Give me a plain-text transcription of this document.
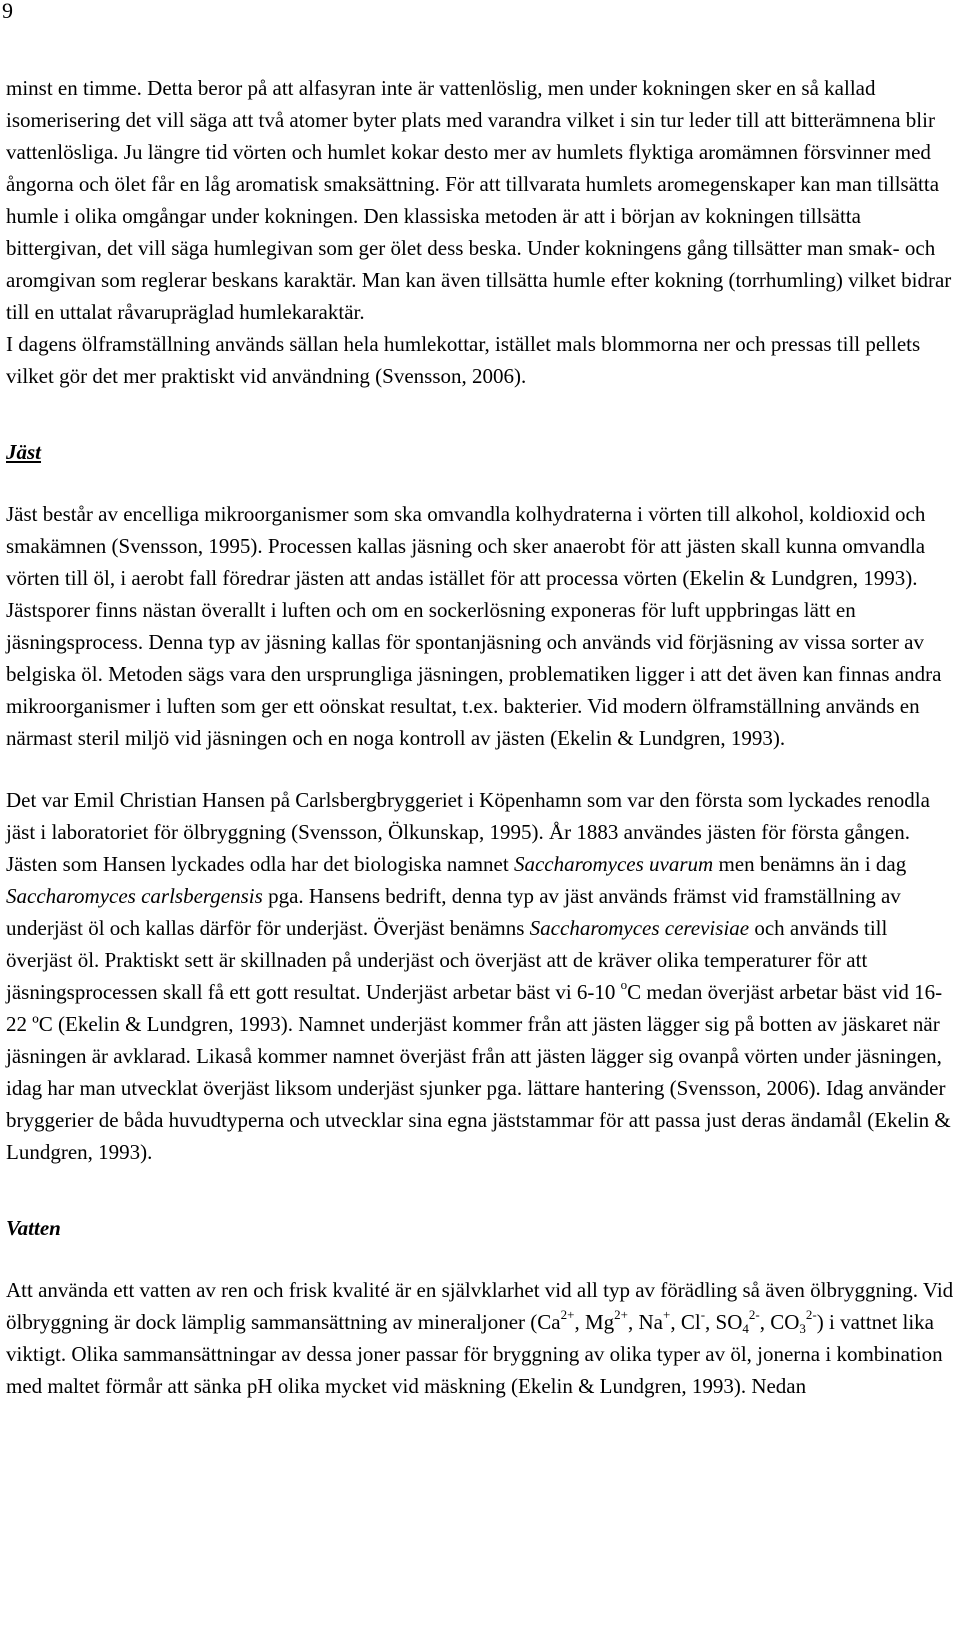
9

minst en timme. Detta beror på att alfasyran inte är vattenlöslig, men under kokningen sker en så kallad isomerisering det vill säga att två atomer byter plats med varandra vilket i sin tur leder till att bitterämnena blir vattenlösliga. Ju längre tid vörten och humlet kokar desto mer av humlets flyktiga aromämnen försvinner med ångorna och ölet får en låg aromatisk smaksättning. För att tillvarata humlets aromegenskaper kan man tillsätta humle i olika omgångar under kokningen. Den klassiska metoden är att i början av kokningen tillsätta bittergivan, det vill säga humlegivan som ger ölet dess beska. Under kokningens gång tillsätter man smak- och aromgivan som reglerar beskans karaktär. Man kan även tillsätta humle efter kokning (torrhumling) vilket bidrar till en uttalat råvarupräglad humlekaraktär.
I dagens ölframställning används sällan hela humlekottar, istället mals blommorna ner och pressas till pellets vilket gör det mer praktiskt vid användning (Svensson, 2006).

Jäst

Jäst består av encelliga mikroorganismer som ska omvandla kolhydraterna i vörten till alkohol, koldioxid och smakämnen (Svensson, 1995). Processen kallas jäsning och sker anaerobt för att jästen skall kunna omvandla vörten till öl, i aerobt fall föredrar jästen att andas istället för att processa vörten (Ekelin & Lundgren, 1993). Jästsporer finns nästan överallt i luften och om en sockerlösning exponeras för luft uppbringas lätt en jäsningsprocess. Denna typ av jäsning kallas för spontanjäsning och används vid förjäsning av vissa sorter av belgiska öl. Metoden sägs vara den ursprungliga jäsningen, problematiken ligger i att det även kan finnas andra mikroorganismer i luften som ger ett oönskat resultat, t.ex. bakterier. Vid modern ölframställning används en närmast steril miljö vid jäsningen och en noga kontroll av jästen (Ekelin & Lundgren, 1993).

Det var Emil Christian Hansen på Carlsbergbryggeriet i Köpenhamn som var den första som lyckades renodla jäst i laboratoriet för ölbryggning (Svensson, Ölkunskap, 1995). År 1883 användes jästen för första gången. Jästen som Hansen lyckades odla har det biologiska namnet Saccharomyces uvarum men benämns än i dag Saccharomyces carlsbergensis pga. Hansens bedrift, denna typ av jäst används främst vid framställning av underjäst öl och kallas därför för underjäst. Överjäst benämns Saccharomyces cerevisiae och används till överjäst öl. Praktiskt sett är skillnaden på underjäst och överjäst att de kräver olika temperaturer för att jäsningsprocessen skall få ett gott resultat. Underjäst arbetar bäst vi 6-10 $^o$C medan överjäst arbetar bäst vid 16-22 ºC (Ekelin & Lundgren, 1993). Namnet underjäst kommer från att jästen lägger sig på botten av jäskaret när jäsningen är avklarad. Likaså kommer namnet överjäst från att jästen lägger sig ovanpå vörten under jäsningen, idag har man utvecklat överjäst liksom underjäst sjunker pga. lättare hantering (Svensson, 2006). Idag använder bryggerier de båda huvudtyperna och utvecklar sina egna jäststammar för att passa just deras ändamål (Ekelin & Lundgren, 1993).

Vatten

Att använda ett vatten av ren och frisk kvalité är en självklarhet vid all typ av förädling så även ölbryggning. Vid ölbryggning är dock lämplig sammansättning av mineraljoner ($Ca^{2+}$, $Mg^{2+}$, Na+, Cl-, $SO_4^{2-}$, $CO_3^{2-}$) i vattnet lika viktigt. Olika sammansättningar av dessa joner passar för bryggning av olika typer av öl, jonerna i kombination med maltet förmår att sänka pH olika mycket vid mäskning (Ekelin & Lundgren, 1993). Nedan
